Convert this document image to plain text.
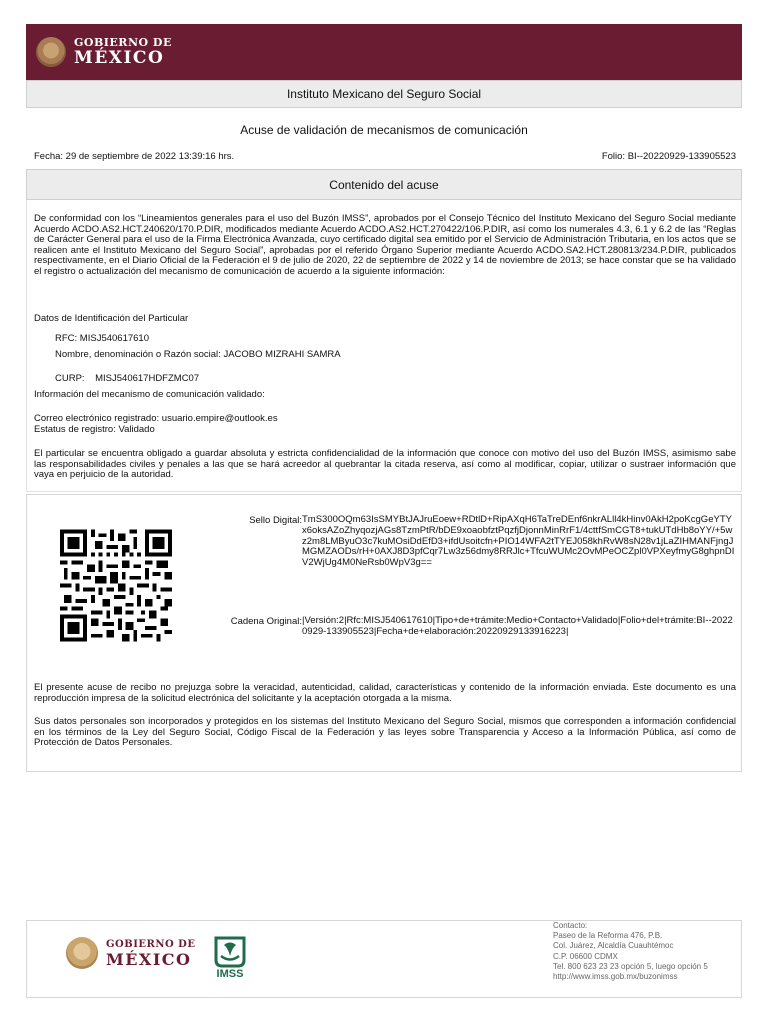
GOBIERNO DE
MÉXICO
Instituto Mexicano del Seguro Social
Acuse de validación de mecanismos de comunicación
Fecha: 29 de septiembre de 2022 13:39:16 hrs.	Folio: BI--20220929-133905523
Contenido del acuse
De conformidad con los “Lineamientos generales para el uso del Buzón IMSS”, aprobados por el Consejo Técnico del Instituto Mexicano del Seguro Social mediante Acuerdo ACDO.AS2.HCT.240620/170.P.DIR, modificados mediante Acuerdo ACDO.AS2.HCT.270422/106.P.DIR, así como los numerales 4.3, 6.1 y 6.2 de las “Reglas de Carácter General para el uso de la Firma Electrónica Avanzada, cuyo certificado digital sea emitido por el Servicio de Administración Tributaria, en los actos que se realicen ante el Instituto Mexicano del Seguro Social”, aprobadas por el referido Órgano Superior mediante Acuerdo ACDO.SA2.HCT.280813/234.P.DIR, publicados respectivamente, en el Diario Oficial de la Federación el 9 de julio de 2020, 22 de septiembre de 2022 y 14 de noviembre de 2013; se hace constar que se ha validado el registro o actualización del mecanismo de comunicación de acuerdo a la siguiente información:
Datos de Identificación del Particular
RFC: MISJ540617610
Nombre, denominación o Razón social: JACOBO MIZRAHI SAMRA
CURP:    MISJ540617HDFZMC07
Información del mecanismo de comunicación validado:
Correo electrónico registrado: usuario.empire@outlook.es
Estatus de registro: Validado
El particular se encuentra obligado a guardar absoluta y estricta confidencialidad de la información que conoce con motivo del uso del Buzón IMSS, asimismo sabe las responsabilidades civiles y penales a las que se hará acreedor al quebrantar la citada reserva, así como al modificar, copiar, utilizar o sustraer información que vaya en perjuicio de la autoridad.
Sello Digital: TmS300OQm63IsSMYBtJAJruEoew+RDtlD+RipAXqH6TaTreDEnf6nkrALll4kHinv0AkH2poKcgGeYTYx6oksAZoZhyqozjAGs8TzmPtR/bDE9xoaobfztPqzfjDjonnMinRrF1/4cttfSmCGT8+tukUTdHb8oYY/+5wz2m8LMByuO3c7kuMOsiDdEfD3+ifdUsoitcfn+PIO14WFA2tTYEJ058khRvW8sN28v1jLaZIHMANFjngJMGMZAODs/rH+0AXJ8D3pfCqr7Lw3z56dmy8RRJlc+TfcuWUMc2OvMPeOCZpl0VPXeyfmyG8ghpnDIV2WjUg4M0NeRsb0WpV3g==
Cadena Original: |Versión:2|Rfc:MISJ540617610|Tipo+de+trámite:Medio+Contacto+Validado|Folio+del+trámite:BI--20220929-133905523|Fecha+de+elaboración:20220929133916223|
El presente acuse de recibo no prejuzga sobre la veracidad, autenticidad, calidad, características y contenido de la información enviada. Este documento es una reproducción impresa de la solicitud electrónica del solicitante y la aceptación otorgada a la misma.
Sus datos personales son incorporados y protegidos en los sistemas del Instituto Mexicano del Seguro Social, mismos que corresponden a información confidencial en los términos de la Ley del Seguro Social, Código Fiscal de la Federación y las leyes sobre Transparencia y Acceso a la Información Pública, así como de Protección de Datos Personales.
GOBIERNO DE
MÉXICO
IMSS
Contacto:
Paseo de la Reforma 476, P.B.
Col. Juárez, Alcaldía Cuauhtémoc
C.P. 06600 CDMX
Tel. 800 623 23 23 opción 5, luego opción 5
http://www.imss.gob.mx/buzonimss
